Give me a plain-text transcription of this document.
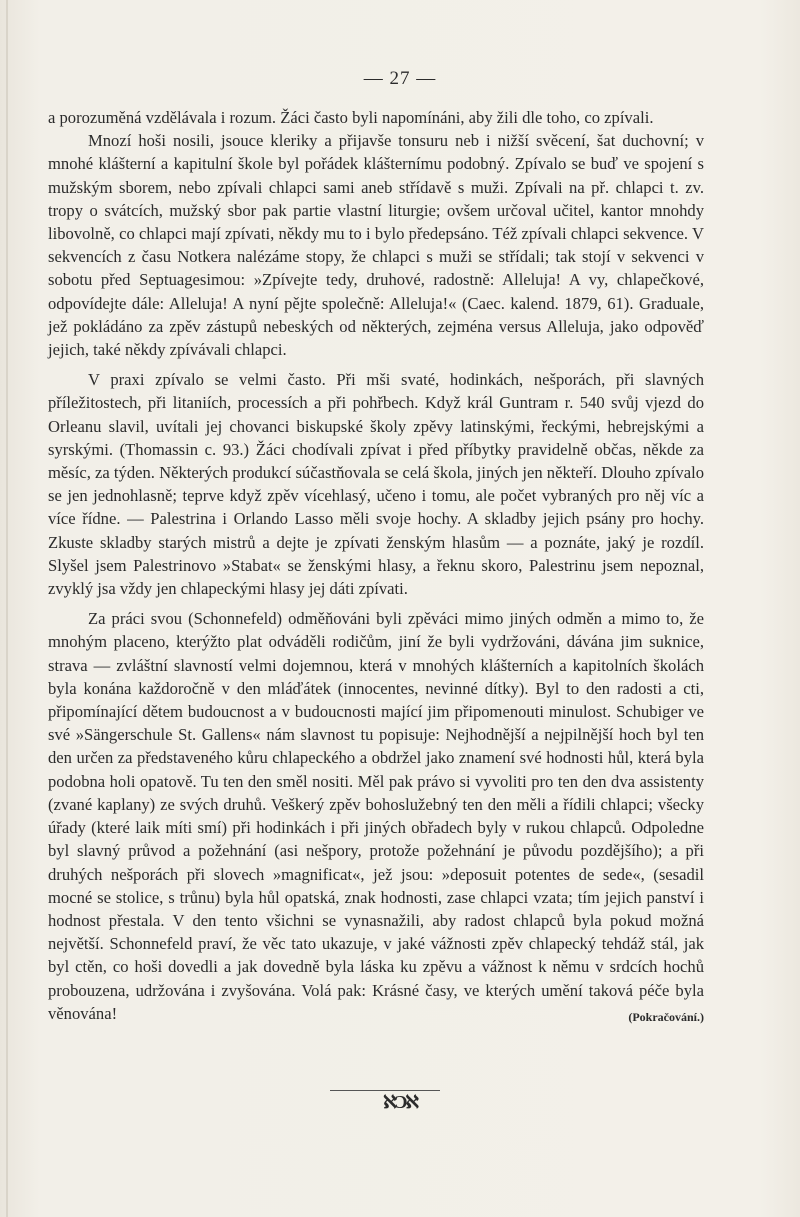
— 27 —

a porozuměná vzdělávala i rozum. Žáci často byli napomínáni, aby žili dle toho, co zpívali.

Mnozí hoši nosili, jsouce kleriky a přijavše tonsuru neb i nižší svěcení, šat duchovní; v mnohé klášterní a kapitulní škole byl pořádek klášternímu podobný. Zpívalo se buď ve spojení s mužským sborem, nebo zpívali chlapci sami aneb střídavě s muži. Zpívali na př. chlapci t. zv. tropy o svátcích, mužský sbor pak partie vlastní liturgie; ovšem určoval učitel, kantor mnohdy libovolně, co chlapci mají zpívati, někdy mu to i bylo předepsáno. Též zpívali chlapci sekvence. V sekvencích z času Notkera nalézáme stopy, že chlapci s muži se střídali; tak stojí v sekvenci v sobotu před Septuagesimou: »Zpívejte tedy, druhové, radostně: Alleluja! A vy, chlapečkové, odpovídejte dále: Alleluja! A nyní pějte společně: Alleluja!« (Caec. kalend. 1879, 61). Graduale, jež pokládáno za zpěv zástupů nebeských od některých, zejména versus Alleluja, jako odpověď jejich, také někdy zpívávali chlapci.

V praxi zpívalo se velmi často. Při mši svaté, hodinkách, nešporách, při slavných příležitostech, při litaniích, processích a při pohřbech. Když král Guntram r. 540 svůj vjezd do Orleanu slavil, uvítali jej chovanci biskupské školy zpěvy latinskými, řeckými, hebrejskými a syrskými. (Thomassin c. 93.) Žáci chodívali zpívat i před příbytky pravidelně občas, někde za měsíc, za týden. Některých produkcí súčastňovala se celá škola, jiných jen někteří. Dlouho zpívalo se jen jednohlasně; teprve když zpěv vícehlasý, učeno i tomu, ale počet vybraných pro něj víc a více řídne. — Palestrina i Orlando Lasso měli svoje hochy. A skladby jejich psány pro hochy. Zkuste skladby starých mistrů a dejte je zpívati ženským hlasům — a poznáte, jaký je rozdíl. Slyšel jsem Palestrinovo »Stabat« se ženskými hlasy, a řeknu skoro, Palestrinu jsem nepoznal, zvyklý jsa vždy jen chlapeckými hlasy jej dáti zpívati.

Za práci svou (Schonnefeld) odměňováni byli zpěváci mimo jiných odměn a mimo to, že mnohým placeno, kterýžto plat odváděli rodičům, jiní že byli vydržováni, dávána jim suknice, strava — zvláštní slavností velmi dojemnou, která v mnohých klášterních a kapitolních školách byla konána každoročně v den mláďátek (innocentes, nevinné dítky). Byl to den radosti a cti, připomínající dětem budoucnost a v budoucnosti mající jim připomenouti minulost. Schubiger ve své »Sängerschule St. Gallens« nám slavnost tu popisuje: Nejhodnější a nejpilnější hoch byl ten den určen za představeného kůru chlapeckého a obdržel jako znamení své hodnosti hůl, která byla podobna holi opatově. Tu ten den směl nositi. Měl pak právo si vyvoliti pro ten den dva assistenty (zvané kaplany) ze svých druhů. Veškerý zpěv bohoslužebný ten den měli a řídili chlapci; všecky úřady (které laik míti smí) při hodinkách i při jiných obřadech byly v rukou chlapců. Odpoledne byl slavný průvod a požehnání (asi nešpory, protože požehnání je původu pozdějšího); a při druhých nešporách při slovech »magnificat«, jež jsou: »deposuit potentes de sede«, (sesadil mocné se stolice, s trůnu) byla hůl opatská, znak hodnosti, zase chlapci vzata; tím jejich panství i hodnost přestala. V den tento všichni se vynasnažili, aby radost chlapců byla pokud možná největší. Schonnefeld praví, že věc tato ukazuje, v jaké vážnosti zpěv chlapecký tehdáž stál, jak byl ctěn, co hoši dovedli a jak dovedně byla láska ku zpěvu a vážnost k němu v srdcích hochů probouzena, udržována i zvyšována. Volá pak: Krásné časy, ve kterých umění taková péče byla věnována!	(Pokračování.)

ℵƆℵ
